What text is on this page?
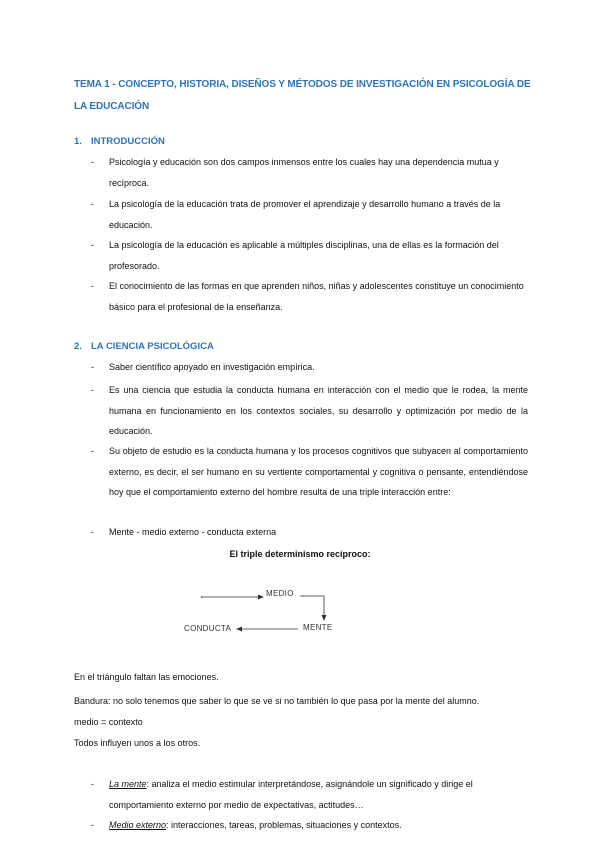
TEMA 1 - CONCEPTO, HISTORIA, DISEÑOS Y MÉTODOS DE INVESTIGACIÓN EN PSICOLOGÍA DE LA EDUCACIÓN
1. INTRODUCCIÓN
- Psicología y educación son dos campos inmensos entre los cuales hay una dependencia mutua y recíproca.
- La psicología de la educación trata de promover el aprendizaje y desarrollo humano a través de la educación.
- La psicología de la educación es aplicable a múltiples disciplinas, una de ellas es la formación del profesorado.
- El conocimiento de las formas en que aprenden niños, niñas y adolescentes constituye un conocimiento básico para el profesional de la enseñanza.
2. LA CIENCIA PSICOLÓGICA
- Saber científico apoyado en investigación empírica.
- Es una ciencia que estudia la conducta humana en interacción con el medio que le rodea, la mente humana en funcionamiento en los contextos sociales, su desarrollo y optimización por medio de la educación.
- Su objeto de estudio es la conducta humana y los procesos cognitivos que subyacen al comportamiento externo, es decir, el ser humano en su vertiente comportamental y cognitiva o pensante, entendiéndose hoy que el comportamiento externo del hombre resulta de una triple interacción entre:
- Mente - medio externo - conducta externa
El triple determinismo recíproco:
MEDIO
CONDUCTA	MENTE
En el triángulo faltan las emociones.
Bandura: no solo tenemos que saber lo que se ve si no también lo que pasa por la mente del alumno.
medio = contexto
Todos influyen unos a los otros.
- La mente: analiza el medio estimular interpretándose, asignándole un significado y dirige el comportamiento externo por medio de expectativas, actitudes…
- Medio externo: interacciones, tareas, problemas, situaciones y contextos.
